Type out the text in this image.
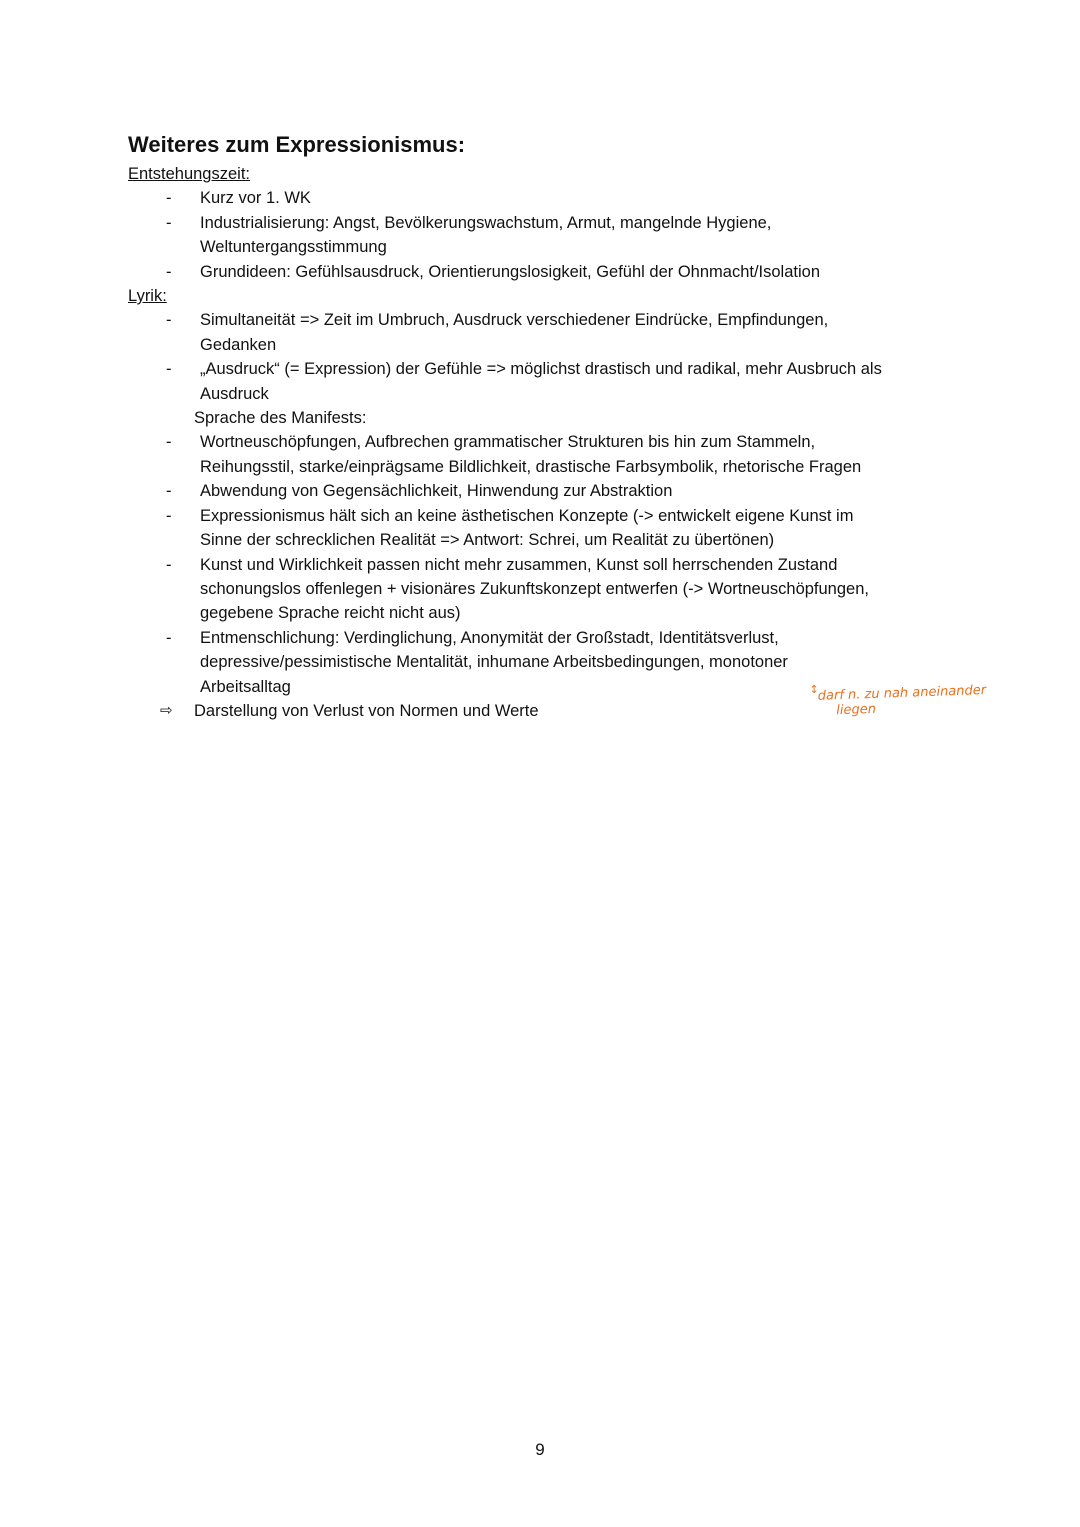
Weiteres zum Expressionismus:
Entstehungszeit:
- Kurz vor 1. WK
- Industrialisierung: Angst, Bevölkerungswachstum, Armut, mangelnde Hygiene,
Weltuntergangsstimmung
- Grundideen: Gefühlsausdruck, Orientierungslosigkeit, Gefühl der Ohnmacht/Isolation
Lyrik:
- Simultaneität => Zeit im Umbruch, Ausdruck verschiedener Eindrücke, Empfindungen,
Gedanken
- „Ausdruck“ (= Expression) der Gefühle => möglichst drastisch und radikal, mehr Ausbruch als
Ausdruck
Sprache des Manifests:
- Wortneuschöpfungen, Aufbrechen grammatischer Strukturen bis hin zum Stammeln,
Reihungsstil, starke/einprägsame Bildlichkeit, drastische Farbsymbolik, rhetorische Fragen
- Abwendung von Gegensächlichkeit, Hinwendung zur Abstraktion
- Expressionismus hält sich an keine ästhetischen Konzepte (-> entwickelt eigene Kunst im
Sinne der schrecklichen Realität => Antwort: Schrei, um Realität zu übertönen)
- Kunst und Wirklichkeit passen nicht mehr zusammen, Kunst soll herrschenden Zustand
schonungslos offenlegen + visionäres Zukunftskonzept entwerfen (-> Wortneuschöpfungen,
gegebene Sprache reicht nicht aus)
- Entmenschlichung: Verdinglichung, Anonymität der Großstadt, Identitätsverlust,
depressive/pessimistische Mentalität, inhumane Arbeitsbedingungen, monotoner
Arbeitsalltag
⇨ Darstellung von Verlust von Normen und Werte
↕
darf n. zu nah aneinander
liegen
9
